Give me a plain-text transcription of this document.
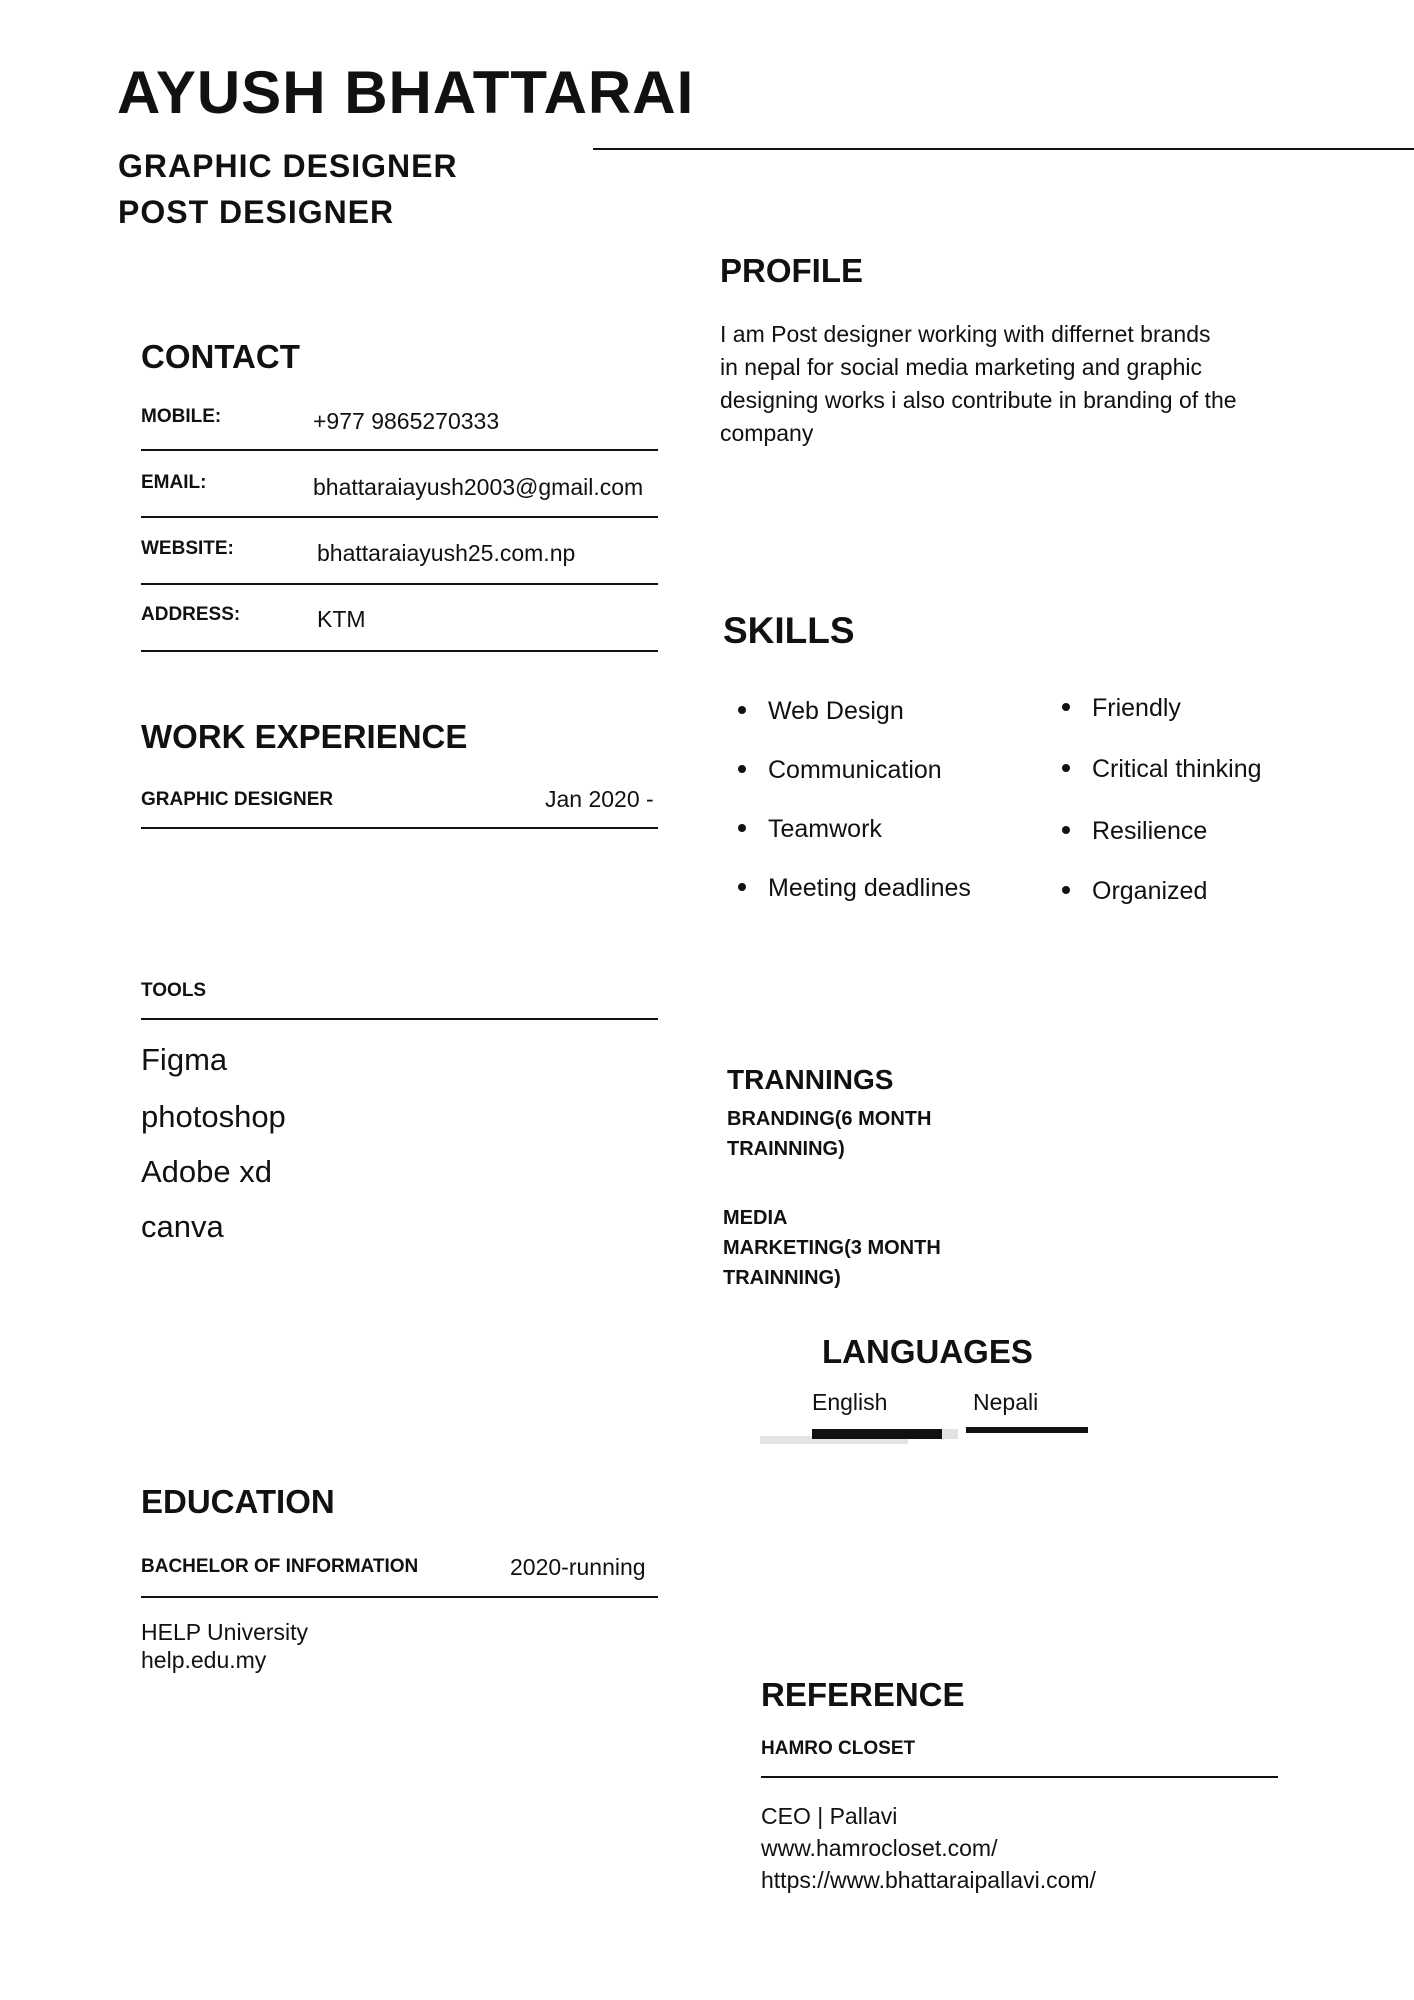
AYUSH BHATTARAI
GRAPHIC DESIGNER
POST DESIGNER
CONTACT
MOBILE:	+977 9865270333
EMAIL:	bhattaraiayush2003@gmail.com
WEBSITE:	bhattaraiayush25.com.np
ADDRESS:	KTM
WORK EXPERIENCE
GRAPHIC DESIGNER	Jan 2020 -
TOOLS
Figma
photoshop
Adobe xd
canva
EDUCATION
BACHELOR OF INFORMATION	2020-running
HELP University
help.edu.my
PROFILE
I am Post designer working with differnet brands
in nepal for social media marketing and graphic
designing works i also contribute in branding of the
company
SKILLS
Web Design
Communication
Teamwork
Meeting deadlines
Friendly
Critical thinking
Resilience
Organized
TRANNINGS
BRANDING(6 MONTH
TRAINNING)
MEDIA
MARKETING(3 MONTH
TRAINNING)
LANGUAGES
English	Nepali
REFERENCE
HAMRO CLOSET
CEO | Pallavi
www.hamrocloset.com/
https://www.bhattaraipallavi.com/
